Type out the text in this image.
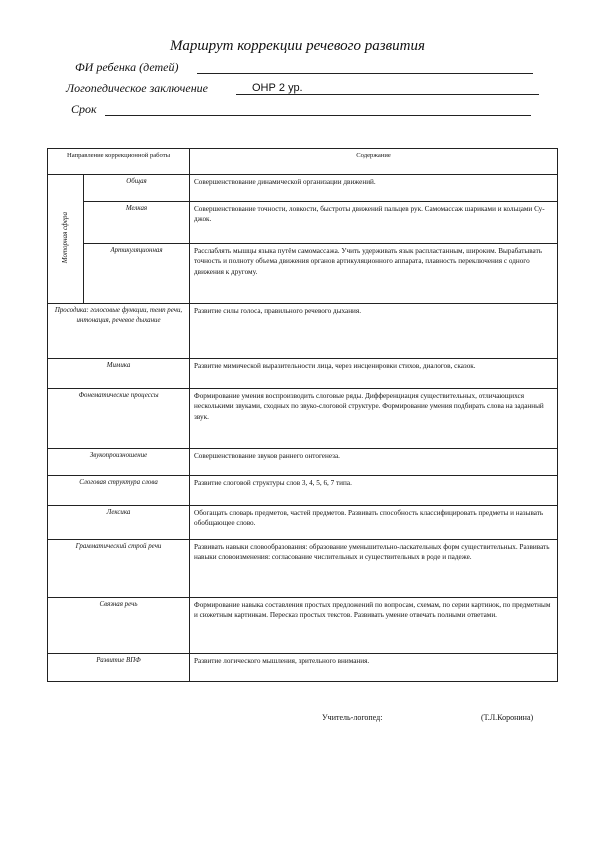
Маршрут коррекции речевого развития
ФИ ребенка (детей)
Логопедическое заключение	ОНР 2 ур.
Срок
Направление коррекционной работы		Содержание
Моторная сфера	Общая	Совершенствование динамической организации движений.
	Мелкая	Совершенствование точности, ловкости, быстроты движений пальцев рук. Самомассаж шариками и кольцами Су-джок.
	Артикуляционная	Расслаблять мышцы языка путём самомассажа. Учить удерживать язык распластанным, широким. Вырабатывать точность и полноту объема движения органов артикуляционного аппарата, плавность переключения с одного движения к другому.
Просодика: голосовые функции, темп речи, интонация, речевое дыхание		Развитие силы голоса, правильного речевого дыхания.
Мимика		Развитие мимической выразительности лица, через инсценировки стихов, диалогов, сказок.
Фонематические процессы		Формирование умения воспроизводить слоговые ряды. Дифференциация существительных, отличающихся несколькими звуками, сходных по звуко-слоговой структуре. Формирование умения подбирать слова на заданный звук.
Звукопроизношение		Совершенствование звуков раннего онтогенеза.
Слоговая структура слова		Развитие слоговой структуры слов 3, 4, 5, 6, 7 типа.
Лексика		Обогащать словарь предметов, частей предметов. Развивать способность классифицировать предметы и называть обобщающее слово.
Грамматический строй речи		Развивать навыки словообразования: образование уменьшительно-ласкательных форм существительных. Развивать навыки словоизменения: согласование числительных и существительных в роде и падеже.
Связная речь		Формирование навыка составления простых предложений по вопросам, схемам, по серии картинок, по предметным и сюжетным картинкам. Пересказ простых текстов. Развивать умение отвечать полными ответами.
Развитие ВПФ		Развитие логического мышления, зрительного внимания.
Учитель-логопед:	(Т.Л.Коронина)
